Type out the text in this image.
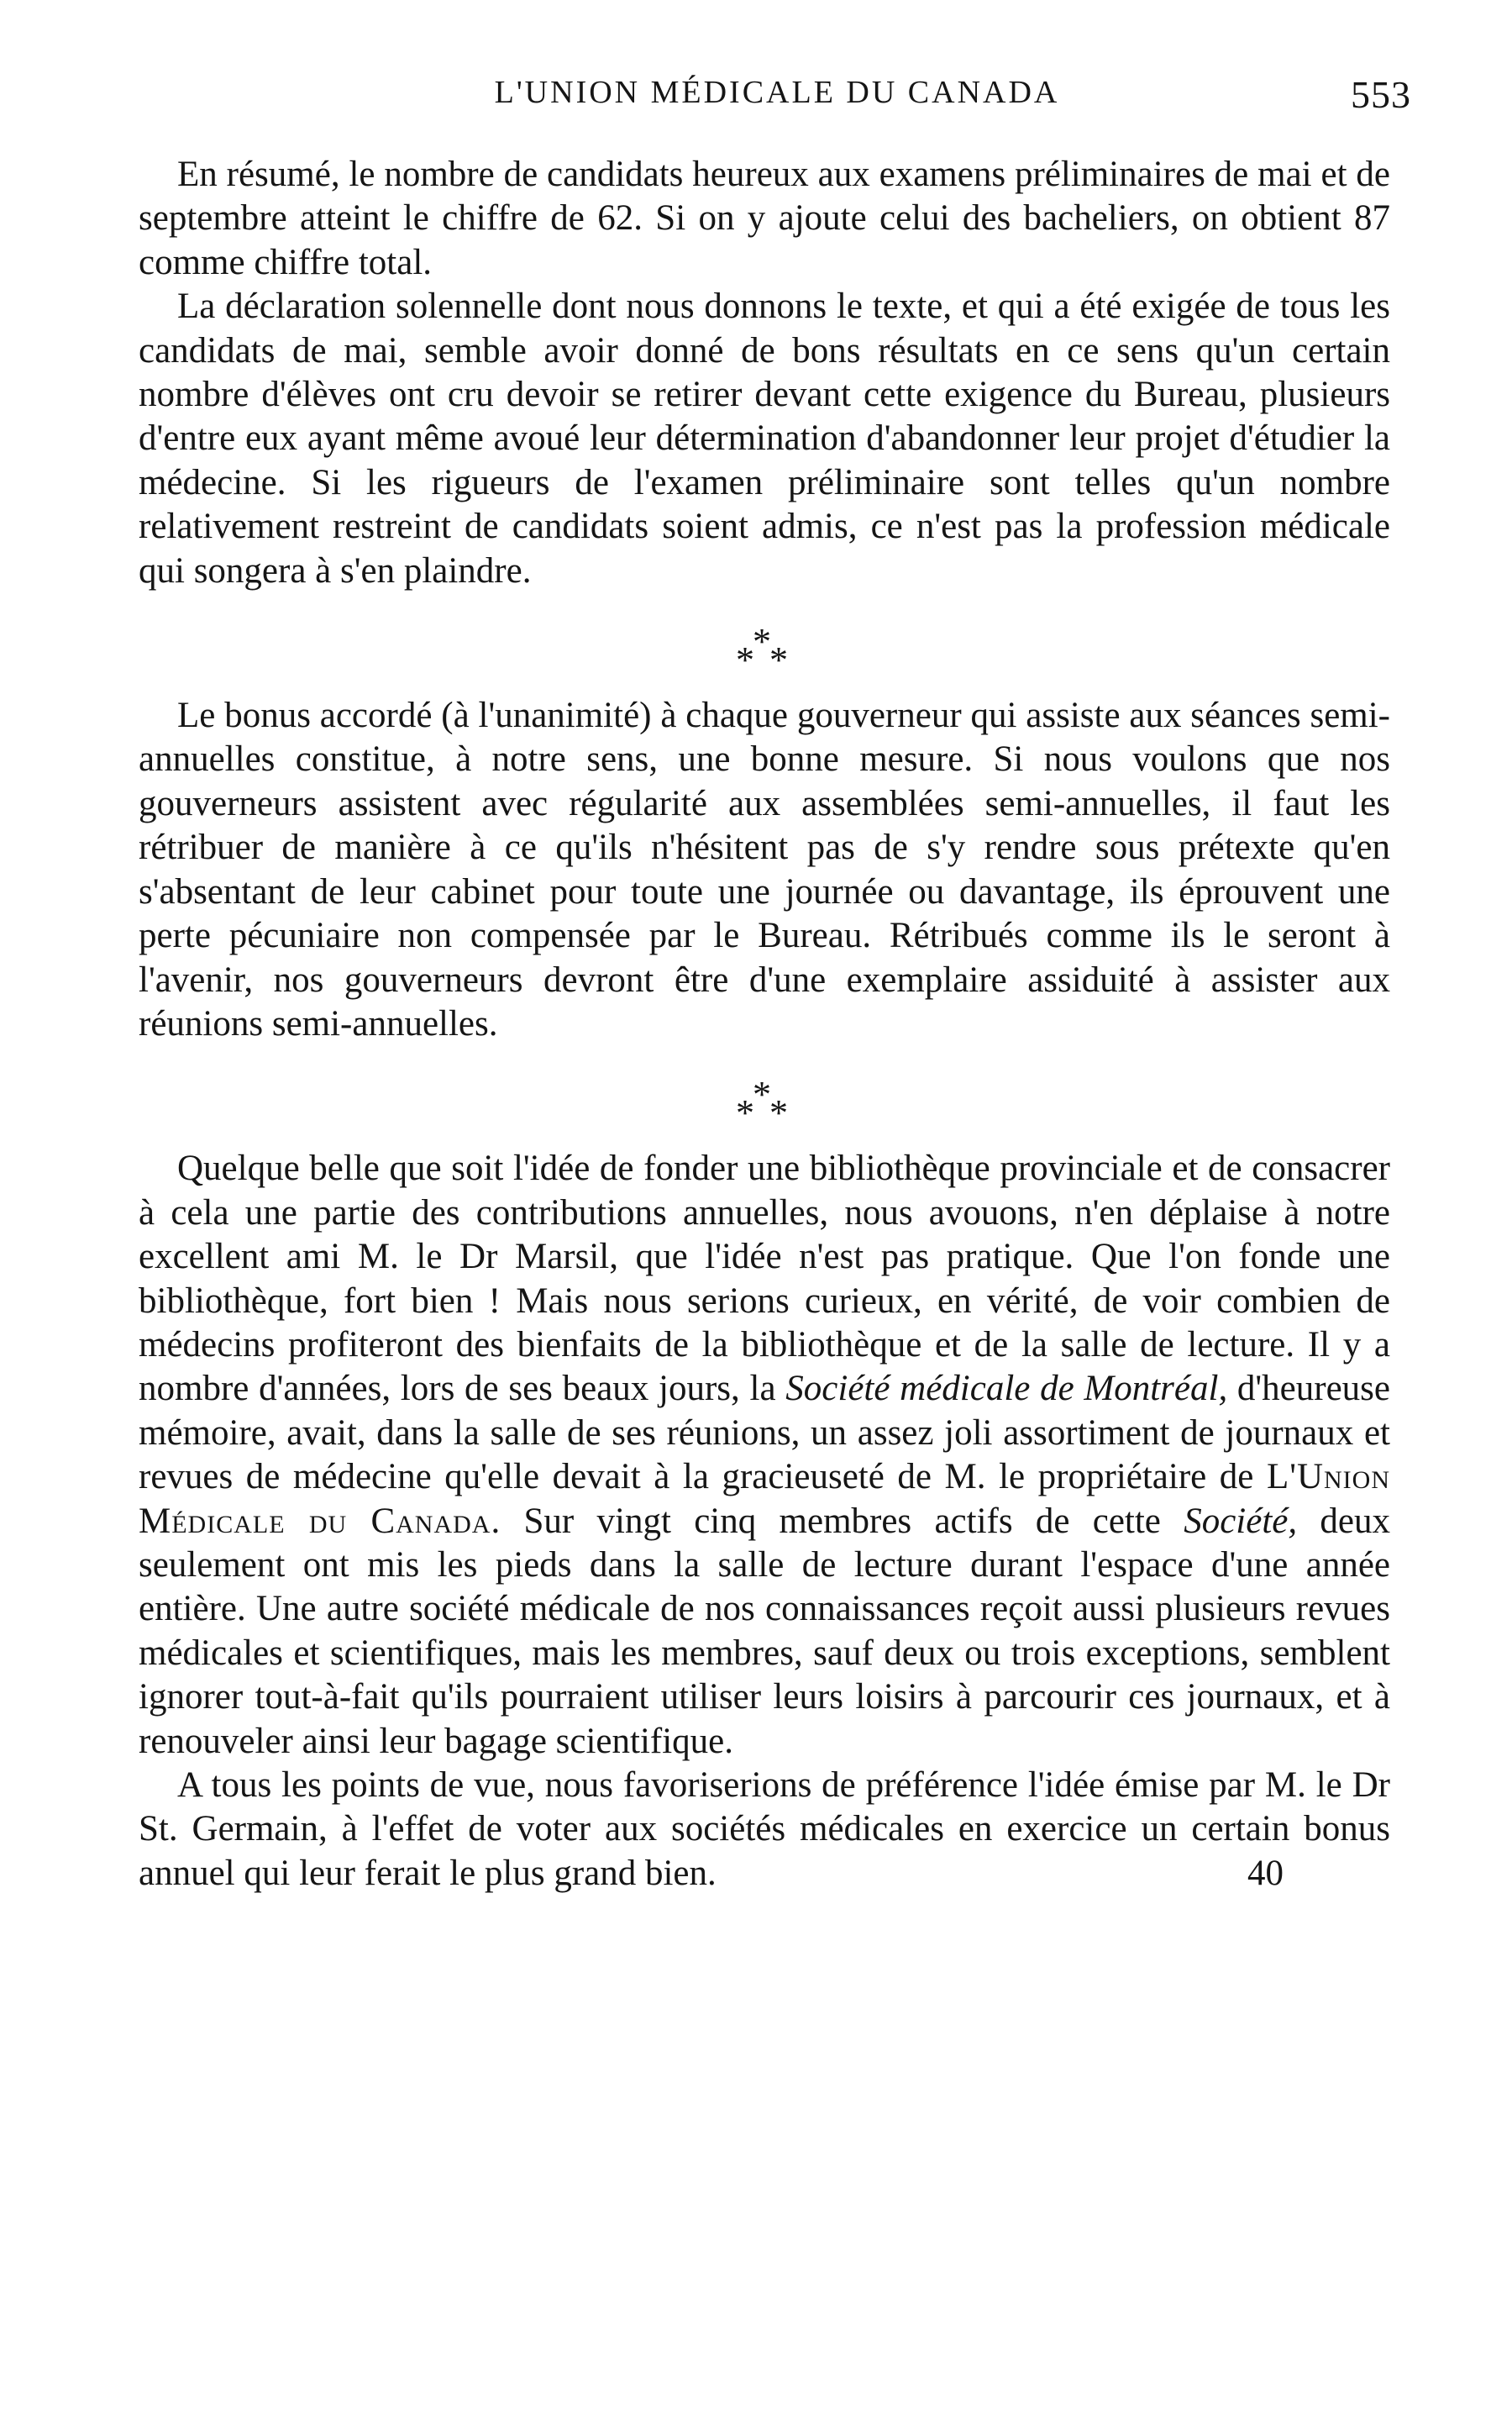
L'UNION MÉDICALE DU CANADA	553

En résumé, le nombre de candidats heureux aux examens préliminaires de mai et de septembre atteint le chiffre de 62. Si on y ajoute celui des bacheliers, on obtient 87 comme chiffre total.

La déclaration solennelle dont nous donnons le texte, et qui a été exigée de tous les candidats de mai, semble avoir donné de bons résultats en ce sens qu'un certain nombre d'élèves ont cru devoir se retirer devant cette exigence du Bureau, plusieurs d'entre eux ayant même avoué leur détermination d'abandonner leur projet d'étudier la médecine. Si les rigueurs de l'examen préliminaire sont telles qu'un nombre relativement restreint de candidats soient admis, ce n'est pas la profession médicale qui songera à s'en plaindre.

*
*
*

Le bonus accordé (à l'unanimité) à chaque gouverneur qui assiste aux séances semi-annuelles constitue, à notre sens, une bonne mesure. Si nous voulons que nos gouverneurs assistent avec régularité aux assemblées semi-annuelles, il faut les rétribuer de manière à ce qu'ils n'hésitent pas de s'y rendre sous prétexte qu'en s'absentant de leur cabinet pour toute une journée ou davantage, ils éprouvent une perte pécuniaire non compensée par le Bureau. Rétribués comme ils le seront à l'avenir, nos gouverneurs devront être d'une exemplaire assiduité à assister aux réunions semi-annuelles.

*
*
*

Quelque belle que soit l'idée de fonder une bibliothèque provinciale et de consacrer à cela une partie des contributions annuelles, nous avouons, n'en déplaise à notre excellent ami M. le Dr Marsil, que l'idée n'est pas pratique. Que l'on fonde une bibliothèque, fort bien ! Mais nous serions curieux, en vérité, de voir combien de médecins profiteront des bienfaits de la bibliothèque et de la salle de lecture. Il y a nombre d'années, lors de ses beaux jours, la Société médicale de Montréal, d'heureuse mémoire, avait, dans la salle de ses réunions, un assez joli assortiment de journaux et revues de médecine qu'elle devait à la gracieuseté de M. le propriétaire de L'Union Médicale du Canada. Sur vingt cinq membres actifs de cette Société, deux seulement ont mis les pieds dans la salle de lecture durant l'espace d'une année entière. Une autre société médicale de nos connaissances reçoit aussi plusieurs revues médicales et scientifiques, mais les membres, sauf deux ou trois exceptions, semblent ignorer tout-à-fait qu'ils pourraient utiliser leurs loisirs à parcourir ces journaux, et à renouveler ainsi leur bagage scientifique.

A tous les points de vue, nous favoriserions de préférence l'idée émise par M. le Dr St. Germain, à l'effet de voter aux sociétés médicales en exercice un certain bonus annuel qui leur ferait le plus grand bien.	40
